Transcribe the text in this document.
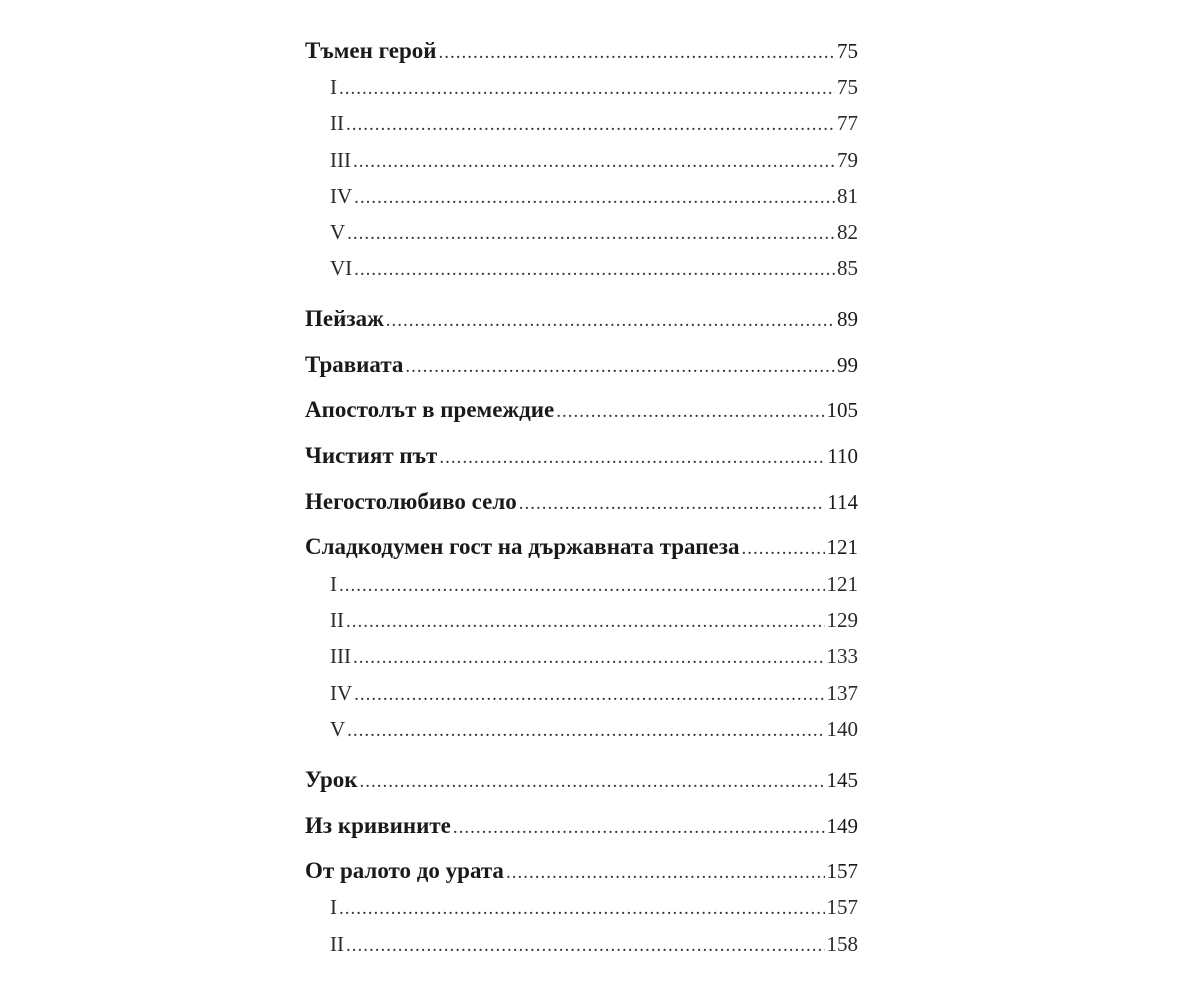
Тъмен герой .....	75
I .....	75
II .....	77
III .....	79
IV .....	81
V .....	82
VI .....	85
Пейзаж .....	89
Травиата .....	99
Апостолът в премеждие .....	105
Чистият път .....	110
Негостолюбиво село .....	114
Сладкодумен гост на държавната трапеза .....	121
I .....	121
II .....	129
III .....	133
IV .....	137
V .....	140
Урок .....	145
Из кривините .....	149
От ралото до урата .....	157
I .....	157
II .....	158
